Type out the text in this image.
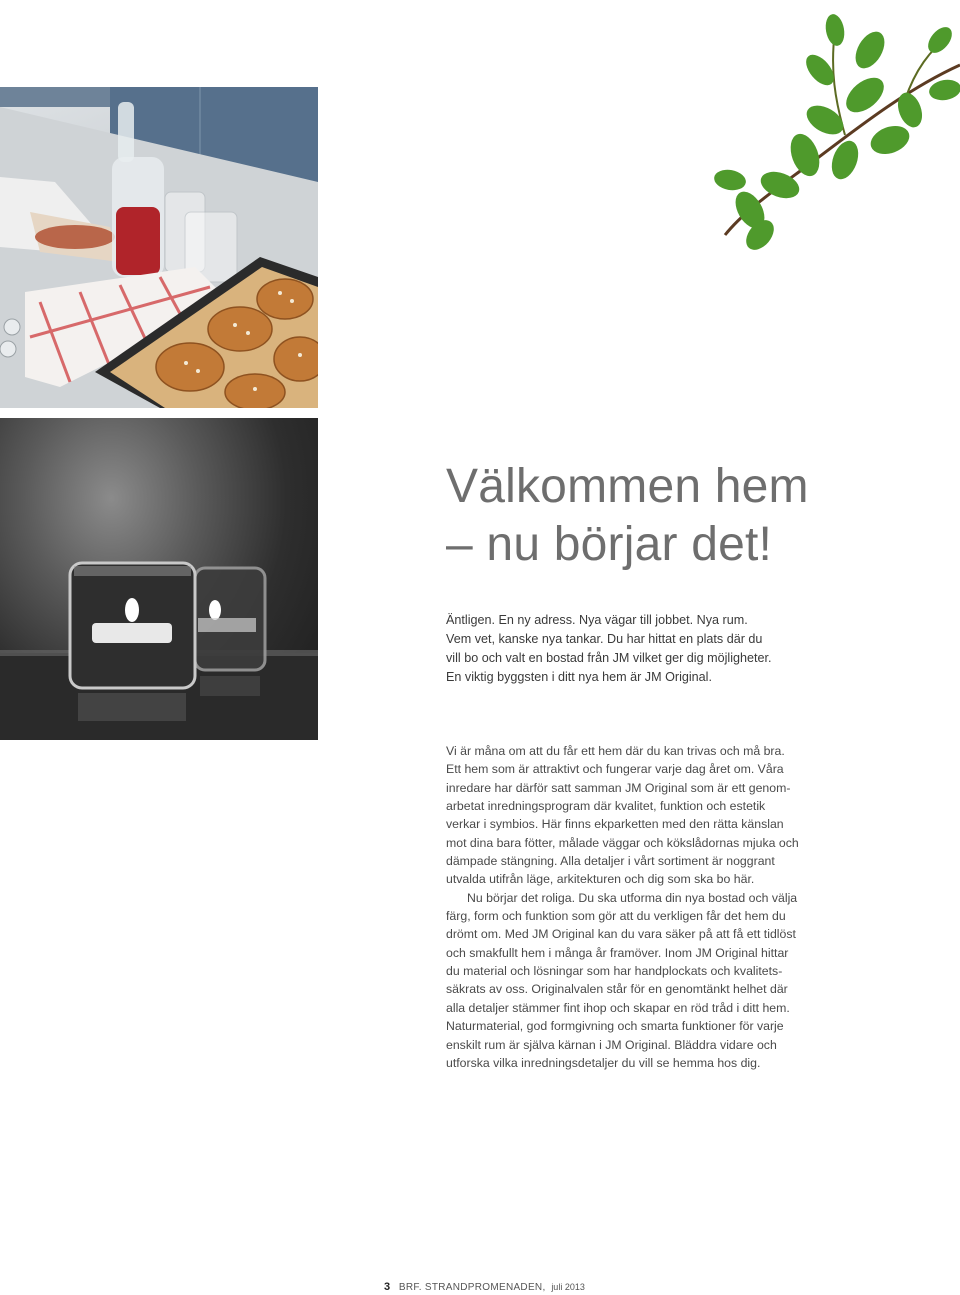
Välkommen hem
– nu börjar det!

Äntligen. En ny adress. Nya vägar till jobbet. Nya rum.
Vem vet, kanske nya tankar. Du har hittat en plats där du
vill bo och valt en bostad från JM vilket ger dig möjligheter.
En viktig byggsten i ditt nya hem är JM Original.

Vi är måna om att du får ett hem där du kan trivas och må bra.
Ett hem som är attraktivt och fungerar varje dag året om. Våra
inredare har därför satt samman JM Original som är ett genom-
arbetat inredningsprogram där kvalitet, funktion och estetik
verkar i symbios. Här finns ekparketten med den rätta känslan
mot dina bara fötter, målade väggar och kökslådornas mjuka och
dämpade stängning. Alla detaljer i vårt sortiment är noggrant
utvalda utifrån läge, arkitekturen och dig som ska bo här.
Nu börjar det roliga. Du ska utforma din nya bostad och välja
färg, form och funktion som gör att du verkligen får det hem du
drömt om. Med JM Original kan du vara säker på att få ett tidlöst
och smakfullt hem i många år framöver. Inom JM Original hittar
du material och lösningar som har handplockats och kvalitets-
säkrats av oss. Originalvalen står för en genomtänkt helhet där
alla detaljer stämmer fint ihop och skapar en röd tråd i ditt hem.
Naturmaterial, god formgivning och smarta funktioner för varje
enskilt rum är själva kärnan i JM Original. Bläddra vidare och
utforska vilka inredningsdetaljer du vill se hemma hos dig.
3 BRF. STRANDPROMENADEN, juli 2013
